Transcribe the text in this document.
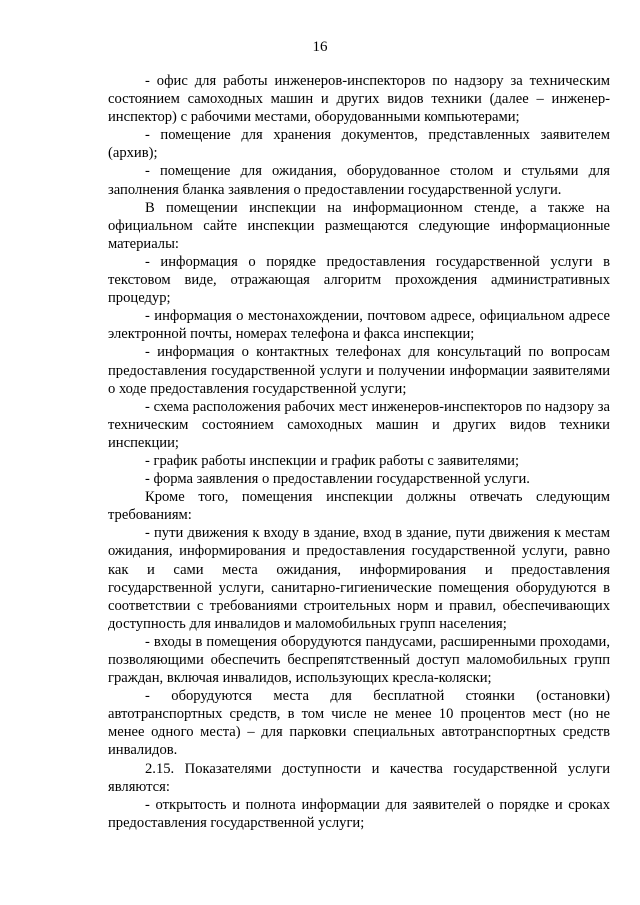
16

- офис для работы инженеров-инспекторов по надзору за техническим состоянием самоходных машин и других видов техники (далее – инженер-инспектор) с рабочими местами, оборудованными компьютерами;

- помещение для хранения документов, представленных заявителем (архив);

- помещение для ожидания, оборудованное столом и стульями для заполнения бланка заявления о предоставлении государственной услуги.

В помещении инспекции на информационном стенде, а также на официальном сайте инспекции размещаются следующие информационные материалы:

- информация о порядке предоставления государственной услуги в текстовом виде, отражающая алгоритм прохождения административных процедур;

- информация о местонахождении, почтовом адресе, официальном адресе электронной почты, номерах телефона и факса инспекции;

- информация о контактных телефонах для консультаций по вопросам предоставления государственной услуги и получении информации заявителями о ходе предоставления государственной услуги;

- схема расположения рабочих мест инженеров-инспекторов по надзору за техническим состоянием самоходных машин и других видов техники инспекции;

- график работы инспекции и график работы с заявителями;

- форма заявления о предоставлении государственной услуги.

Кроме того, помещения инспекции должны отвечать следующим требованиям:

- пути движения к входу в здание, вход в здание, пути движения к местам ожидания, информирования и предоставления государственной услуги, равно как и сами места ожидания, информирования и предоставления государственной услуги, санитарно-гигиенические помещения оборудуются в соответствии с требованиями строительных норм и правил, обеспечивающих доступность для инвалидов и маломобильных групп населения;

- входы в помещения оборудуются пандусами, расширенными проходами, позволяющими обеспечить беспрепятственный доступ маломобильных групп граждан, включая инвалидов, использующих кресла-коляски;

- оборудуются места для бесплатной стоянки (остановки) автотранспортных средств, в том числе не менее 10 процентов мест (но не менее одного места) – для парковки специальных автотранспортных средств инвалидов.

2.15. Показателями доступности и качества государственной услуги являются:

- открытость и полнота информации для заявителей о порядке и сроках предоставления государственной услуги;
